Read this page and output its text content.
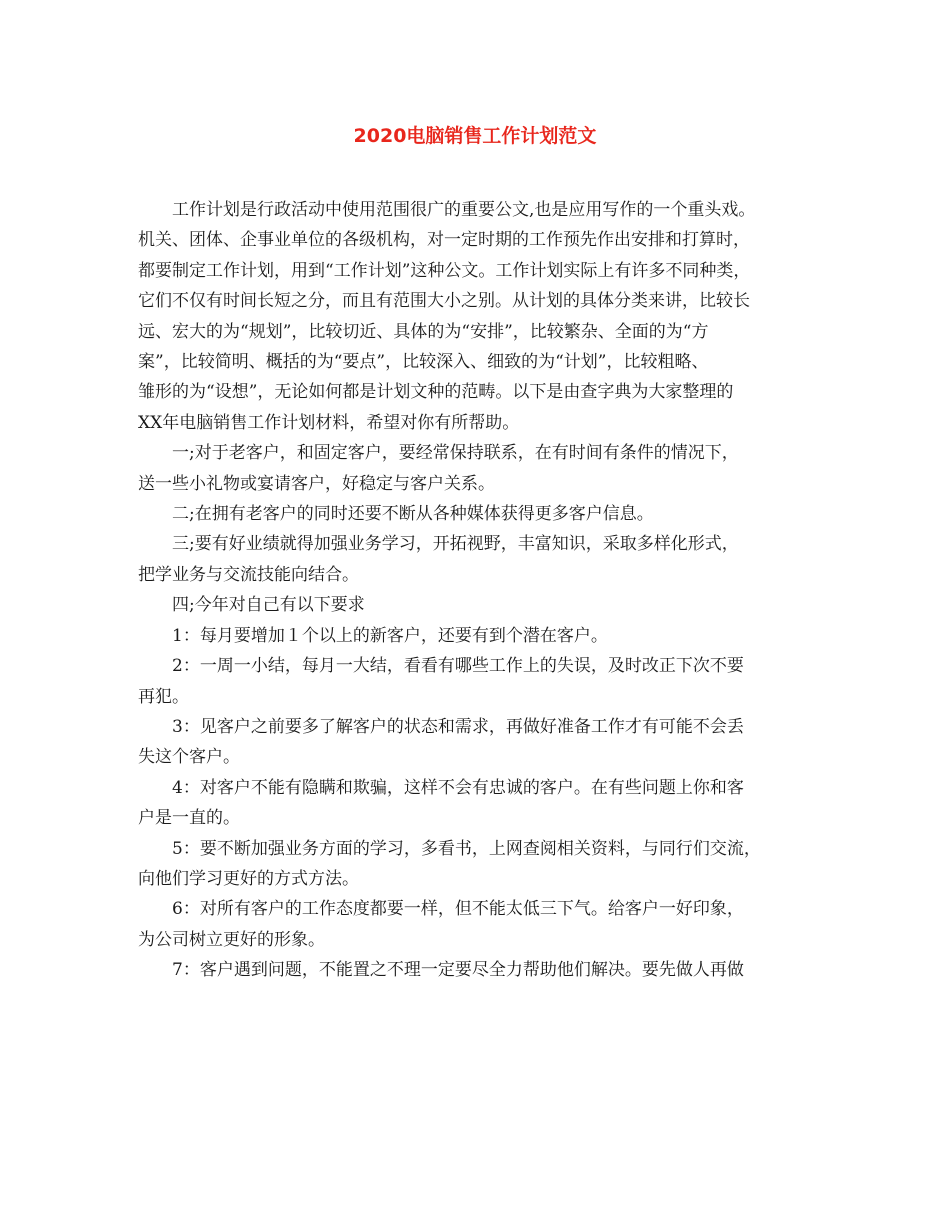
2020电脑销售工作计划范文
工作计划是行政活动中使用范围很广的重要公文,也是应用写作的一个重头戏。
机关、团体、企事业单位的各级机构，对一定时期的工作预先作出安排和打算时，
都要制定工作计划，用到“工作计划”这种公文。工作计划实际上有许多不同种类，
它们不仅有时间长短之分，而且有范围大小之别。从计划的具体分类来讲，比较长
远、宏大的为“规划”，比较切近、具体的为“安排”，比较繁杂、全面的为“方
案”，比较简明、概括的为“要点”，比较深入、细致的为“计划”，比较粗略、
雏形的为“设想”，无论如何都是计划文种的范畴。以下是由查字典为大家整理的
XX年电脑销售工作计划材料，希望对你有所帮助。
一;对于老客户，和固定客户，要经常保持联系，在有时间有条件的情况下，
送一些小礼物或宴请客户，好稳定与客户关系。
二;在拥有老客户的同时还要不断从各种媒体获得更多客户信息。
三;要有好业绩就得加强业务学习，开拓视野，丰富知识，采取多样化形式，
把学业务与交流技能向结合。
四;今年对自己有以下要求
1：每月要增加１个以上的新客户，还要有到个潜在客户。
2：一周一小结，每月一大结，看看有哪些工作上的失误，及时改正下次不要
再犯。
3：见客户之前要多了解客户的状态和需求，再做好准备工作才有可能不会丢
失这个客户。
4：对客户不能有隐瞒和欺骗，这样不会有忠诚的客户。在有些问题上你和客
户是一直的。
5：要不断加强业务方面的学习，多看书，上网查阅相关资料，与同行们交流，
向他们学习更好的方式方法。
6：对所有客户的工作态度都要一样，但不能太低三下气。给客户一好印象，
为公司树立更好的形象。
7：客户遇到问题，不能置之不理一定要尽全力帮助他们解决。要先做人再做
